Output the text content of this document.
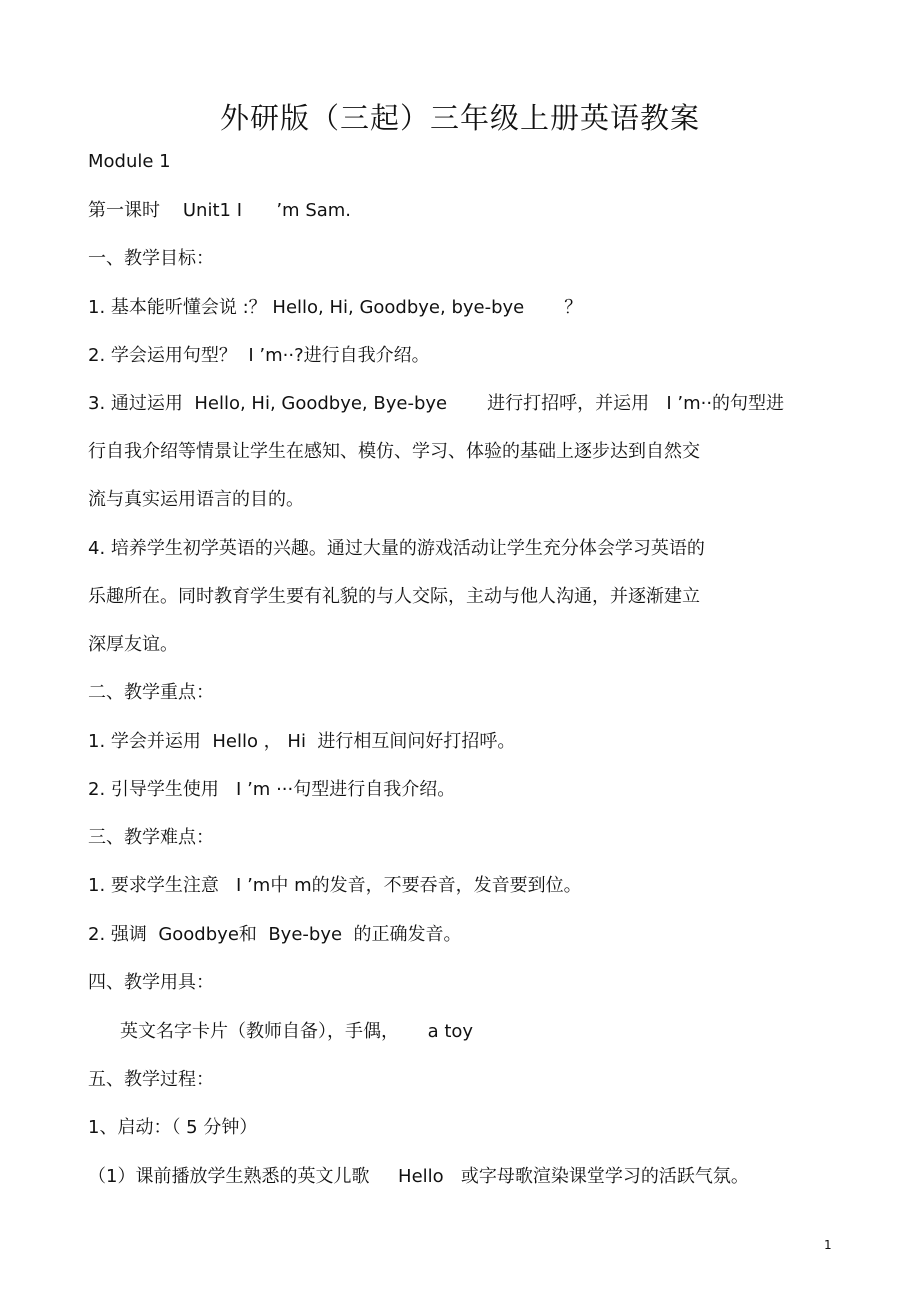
外研版（三起）三年级上册英语教案
Module 1
第一课时    Unit1 I      ’m Sam.
一、教学目标：
1. 基本能听懂会说 :？ Hello, Hi, Goodbye, bye-bye       ？
2. 学会运用句型？  I ’m··?进行自我介绍。
3. 通过运用  Hello, Hi, Goodbye, Bye-bye       进行打招呼，并运用   I ’m··的句型进
行自我介绍等情景让学生在感知、模仿、学习、体验的基础上逐步达到自然交
流与真实运用语言的目的。
4. 培养学生初学英语的兴趣。通过大量的游戏活动让学生充分体会学习英语的
乐趣所在。同时教育学生要有礼貌的与人交际，主动与他人沟通，并逐渐建立
深厚友谊。
二、教学重点：
1. 学会并运用  Hello ， Hi  进行相互间问好打招呼。
2. 引导学生使用   I ’m ···句型进行自我介绍。
三、教学难点：
1. 要求学生注意   I ’m中 m的发音，不要吞音，发音要到位。
2. 强调  Goodbye和  Bye-bye  的正确发音。
四、教学用具：
英文名字卡片（教师自备），手偶，     a toy
五、教学过程：
1、启动：（ 5 分钟）
（1）课前播放学生熟悉的英文儿歌     Hello   或字母歌渲染课堂学习的活跃气氛。
1
